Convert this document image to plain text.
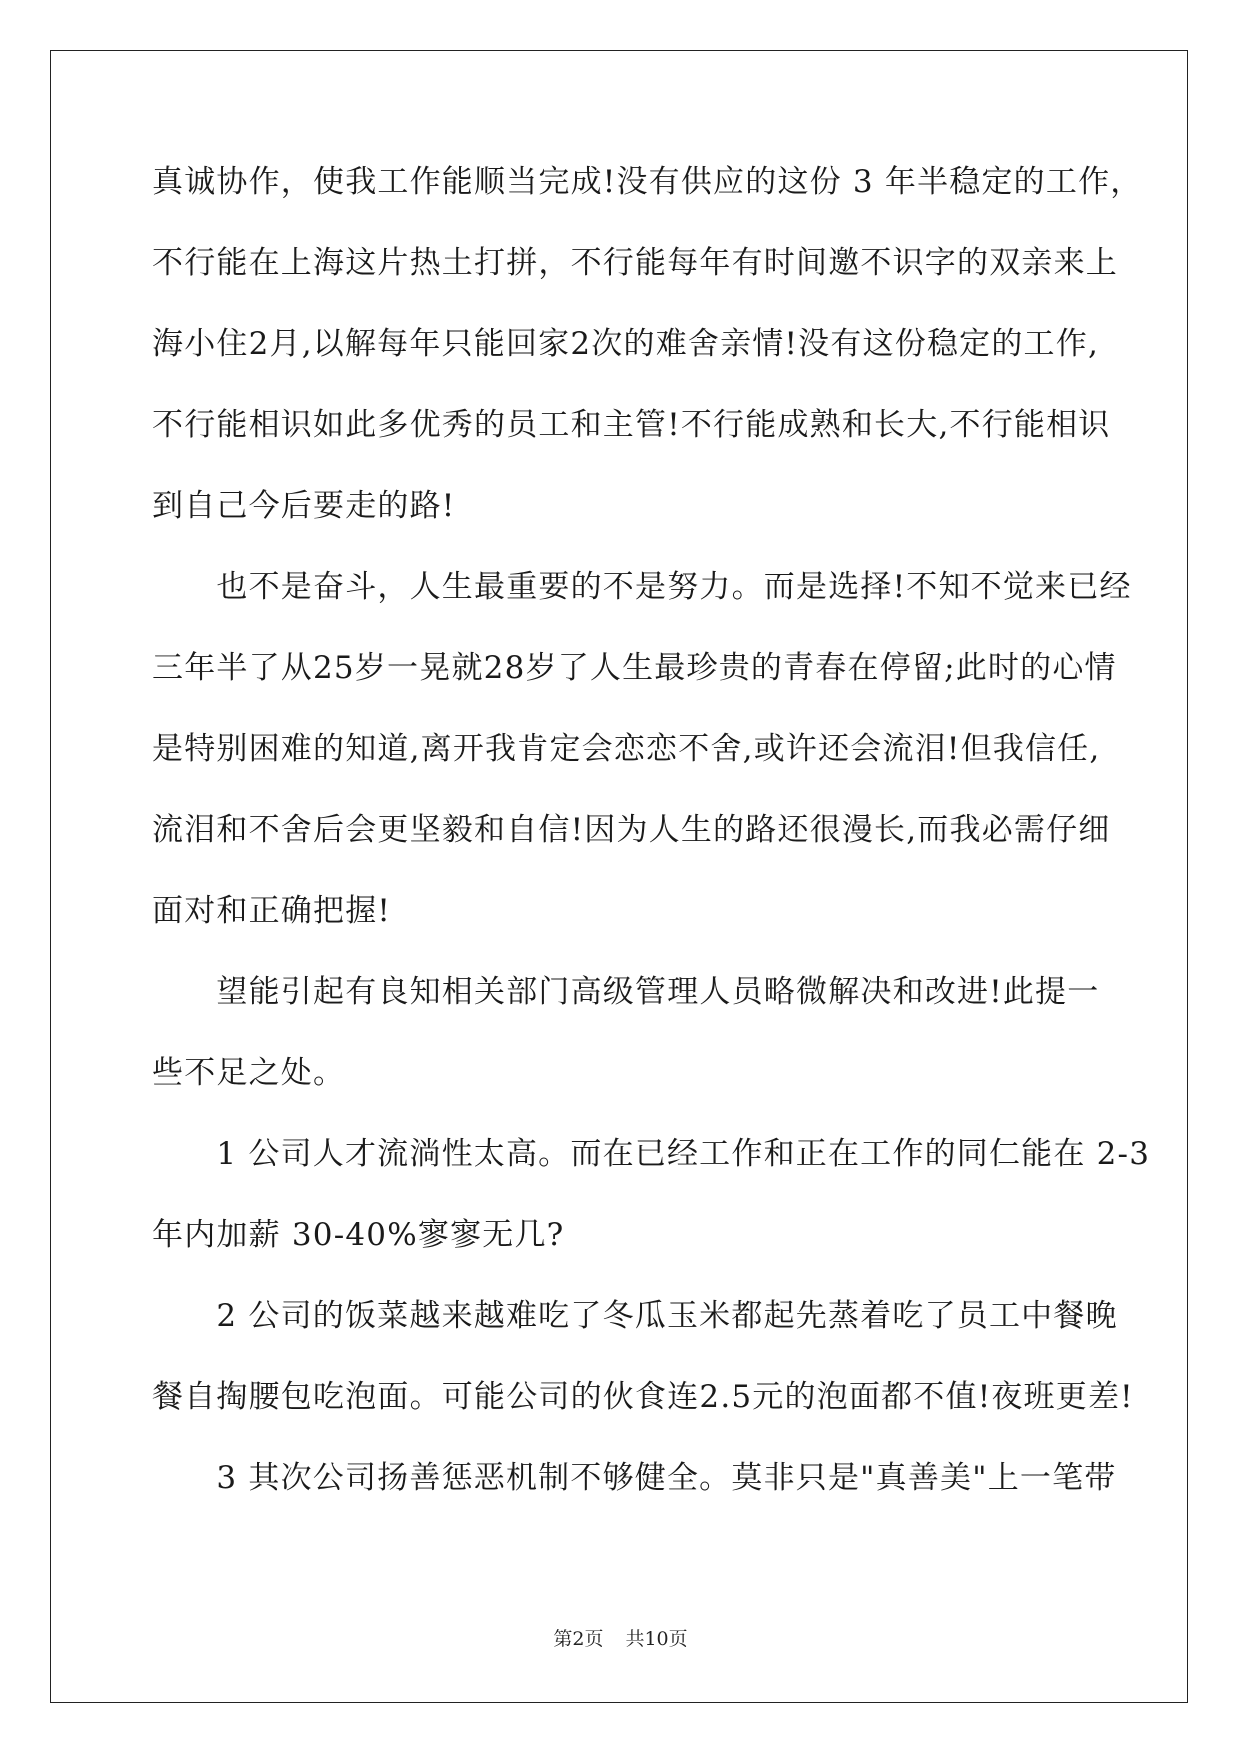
真诚协作，使我工作能顺当完成!没有供应的这份 3 年半稳定的工作，
不行能在上海这片热土打拼，不行能每年有时间邀不识字的双亲来上
海小住2月,以解每年只能回家2次的难舍亲情!没有这份稳定的工作,
不行能相识如此多优秀的员工和主管!不行能成熟和长大,不行能相识
到自己今后要走的路!
　　也不是奋斗，人生最重要的不是努力。而是选择!不知不觉来已经
三年半了从25岁一晃就28岁了人生最珍贵的青春在停留;此时的心情
是特别困难的知道,离开我肯定会恋恋不舍,或许还会流泪!但我信任,
流泪和不舍后会更坚毅和自信!因为人生的路还很漫长,而我必需仔细
面对和正确把握!
　　望能引起有良知相关部门高级管理人员略微解决和改进!此提一
些不足之处。
　　1 公司人才流淌性太高。而在已经工作和正在工作的同仁能在 2-3
年内加薪 30-40%寥寥无几?
　　2 公司的饭菜越来越难吃了冬瓜玉米都起先蒸着吃了员工中餐晚
餐自掏腰包吃泡面。可能公司的伙食连2.5元的泡面都不值!夜班更差!
　　3 其次公司扬善惩恶机制不够健全。莫非只是"真善美"上一笔带
第2页 共10页
